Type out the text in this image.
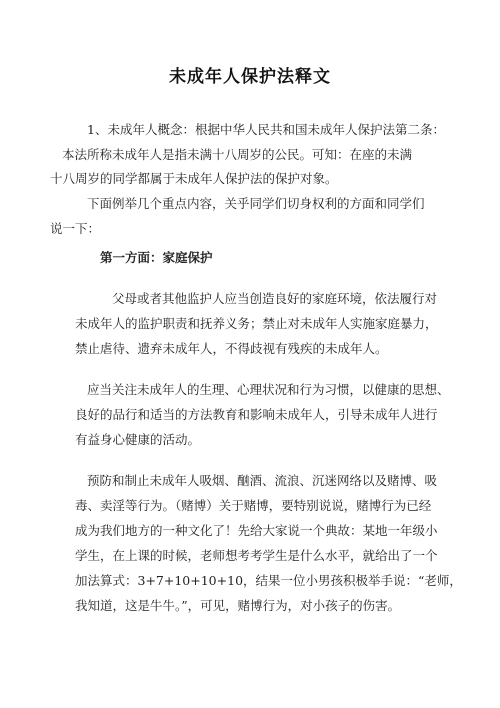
未成年人保护法释文
1、未成年人概念：根据中华人民共和国未成年人保护法第二条：
本法所称未成年人是指未满十八周岁的公民。可知：在座的未满
十八周岁的同学都属于未成年人保护法的保护对象。
下面例举几个重点内容，关乎同学们切身权利的方面和同学们
说一下：
第一方面：家庭保护
父母或者其他监护人应当创造良好的家庭环境，依法履行对
未成年人的监护职责和抚养义务；禁止对未成年人实施家庭暴力，
禁止虐待、遗弃未成年人，不得歧视有残疾的未成年人。
应当关注未成年人的生理、心理状况和行为习惯，以健康的思想、
良好的品行和适当的方法教育和影响未成年人，引导未成年人进行
有益身心健康的活动。
预防和制止未成年人吸烟、酗酒、流浪、沉迷网络以及赌博、吸
毒、卖淫等行为。（赌博）关于赌博，要特别说说，赌博行为已经
成为我们地方的一种文化了！先给大家说一个典故：某地一年级小
学生，在上课的时候，老师想考考学生是什么水平，就给出了一个
加法算式：3+7+10+10+10，结果一位小男孩积极举手说：“老师，
我知道，这是牛牛。”，可见，赌博行为，对小孩子的伤害。
